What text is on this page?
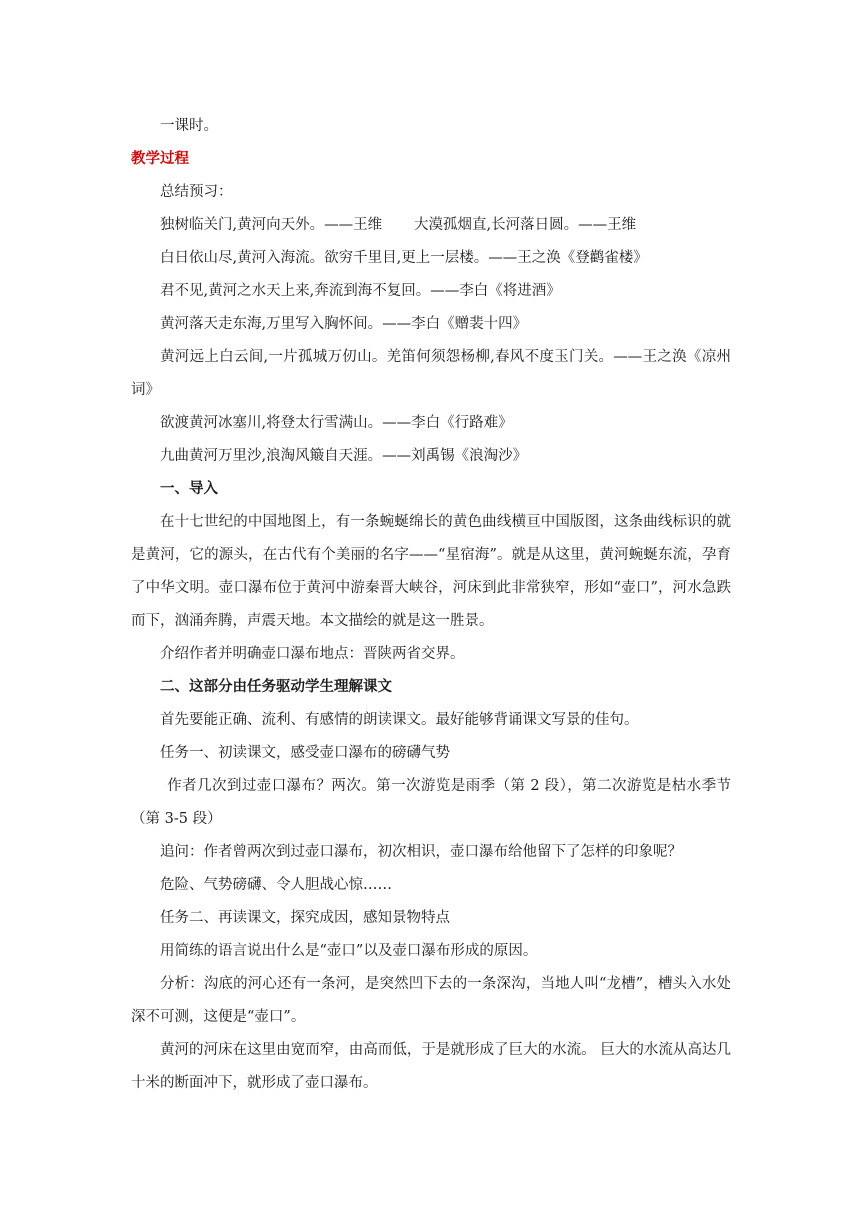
一课时。

教学过程

总结预习：

独树临关门,黄河向天外。——王维 大漠孤烟直,长河落日圆。——王维

白日依山尽,黄河入海流。欲穷千里目,更上一层楼。——王之涣《登鹳雀楼》

君不见,黄河之水天上来,奔流到海不复回。——李白《将进酒》

黄河落天走东海,万里写入胸怀间。——李白《赠裴十四》

黄河远上白云间,一片孤城万仞山。羌笛何须怨杨柳,春风不度玉门关。——王之涣《凉州词》

欲渡黄河冰塞川,将登太行雪满山。——李白《行路难》

九曲黄河万里沙,浪淘风簸自天涯。——刘禹锡《浪淘沙》

一、导入

在十七世纪的中国地图上，有一条蜿蜒绵长的黄色曲线横亘中国版图，这条曲线标识的就是黄河，它的源头，在古代有个美丽的名字——“星宿海”。就是从这里，黄河蜿蜒东流，孕育了中华文明。壶口瀑布位于黄河中游秦晋大峡谷，河床到此非常狭窄，形如“壶口”，河水急跌而下，汹涌奔腾，声震天地。本文描绘的就是这一胜景。

介绍作者并明确壶口瀑布地点：晋陕两省交界。

二、这部分由任务驱动学生理解课文

首先要能正确、流利、有感情的朗读课文。最好能够背诵课文写景的佳句。

任务一、初读课文，感受壶口瀑布的磅礴气势

作者几次到过壶口瀑布？两次。第一次游览是雨季（第 2 段），第二次游览是枯水季节（第 3-5 段）

追问：作者曾两次到过壶口瀑布，初次相识，壶口瀑布给他留下了怎样的印象呢？

危险、气势磅礴、令人胆战心惊……

任务二、再读课文，探究成因，感知景物特点

用简练的语言说出什么是“壶口”以及壶口瀑布形成的原因。

分析：沟底的河心还有一条河，是突然凹下去的一条深沟，当地人叫“龙槽”，槽头入水处深不可测，这便是“壶口”。

黄河的河床在这里由宽而窄，由高而低，于是就形成了巨大的水流。 巨大的水流从高达几十米的断面冲下，就形成了壶口瀑布。
